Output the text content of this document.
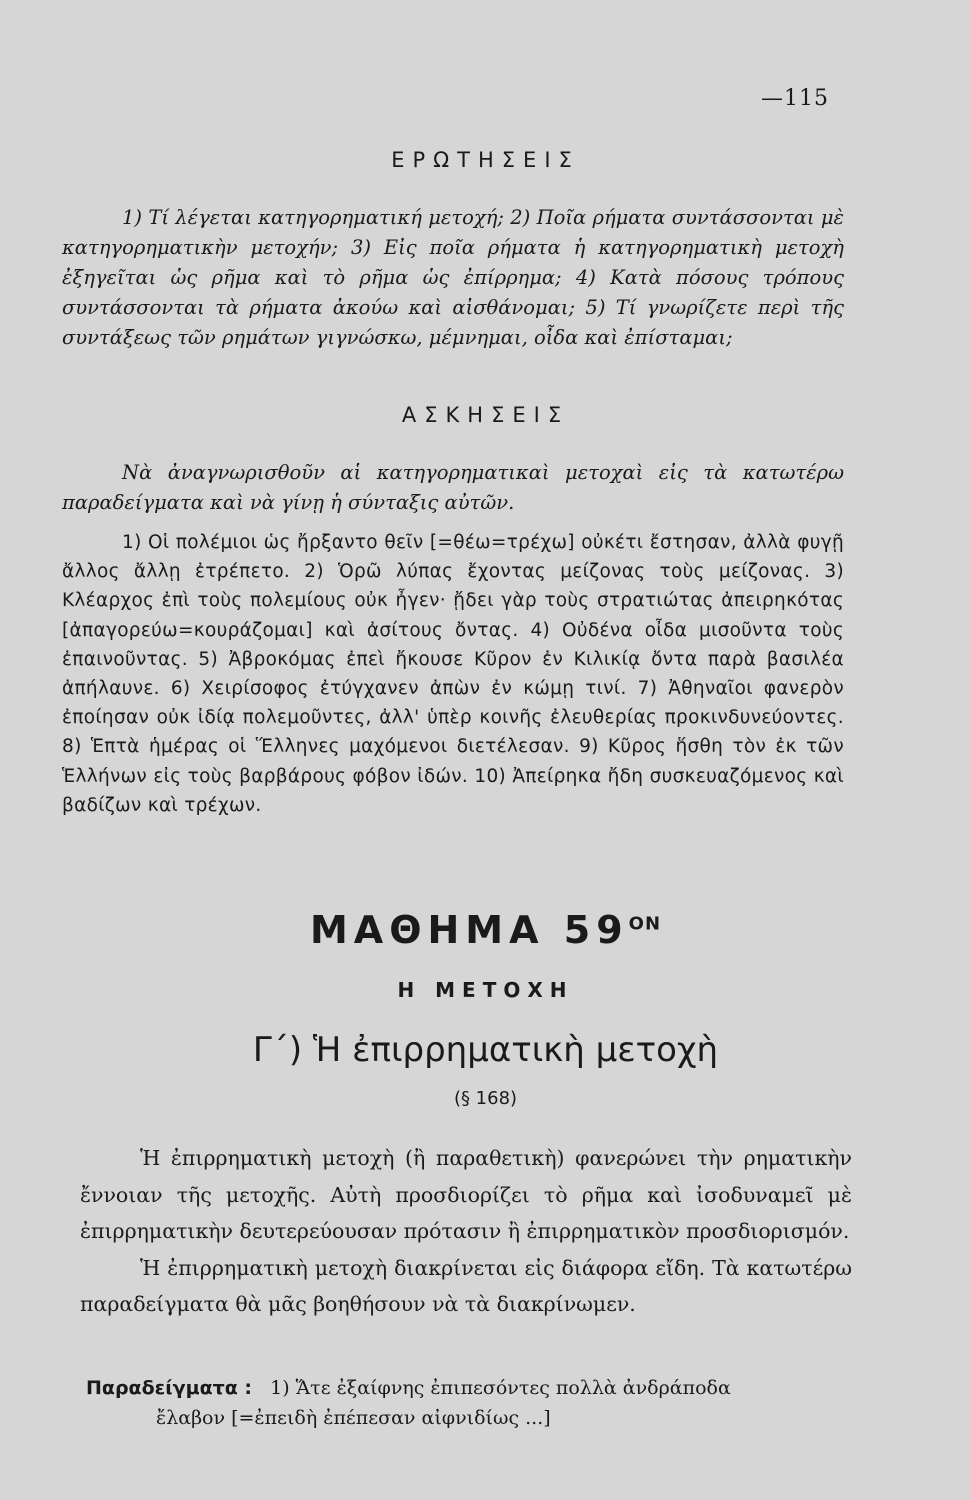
—115
ΕΡΩΤΗΣΕΙΣ
1) Τί λέγεται κατηγορηματική μετοχή; 2) Ποῖα ρήματα συντάσσονται μὲ κατηγορηματικὴν μετοχήν; 3) Εἰς ποῖα ρήματα ἡ κατηγορηματικὴ μετοχὴ ἐξηγεῖται ὡς ρῆμα καὶ τὸ ρῆμα ὡς ἐπίρρημα; 4) Κατὰ πόσους τρόπους συντάσσονται τὰ ρήματα ἀκούω καὶ αἰσθάνομαι; 5) Τί γνωρίζετε περὶ τῆς συντάξεως τῶν ρημάτων γιγνώσκω, μέμνημαι, οἶδα καὶ ἐπίσταμαι;
ΑΣΚΗΣΕΙΣ
Νὰ ἀναγνωρισθοῦν αἱ κατηγορηματικαὶ μετοχαὶ εἰς τὰ κατωτέρω παραδείγματα καὶ νὰ γίνῃ ἡ σύνταξις αὐτῶν.
1) Οἱ πολέμιοι ὡς ἤρξαντο θεῖν [=θέω=τρέχω] οὐκέτι ἔστησαν, ἀλλὰ φυγῇ ἄλλος ἄλλῃ ἐτρέπετο. 2) Ὁρῶ λύπας ἔχοντας μείζονας τοὺς μείζονας. 3) Κλέαρχος ἐπὶ τοὺς πολεμίους οὐκ ἦγεν· ᾔδει γὰρ τοὺς στρατιώτας ἀπειρηκότας [ἀπαγορεύω=κουράζομαι] καὶ ἀσίτους ὄντας. 4) Οὐδένα οἶδα μισοῦντα τοὺς ἐπαινοῦντας. 5) Ἀβροκόμας ἐπεὶ ἤκουσε Κῦρον ἐν Κιλικίᾳ ὄντα παρὰ βασιλέα ἀπήλαυνε. 6) Χειρίσοφος ἐτύγχανεν ἀπὼν ἐν κώμῃ τινί. 7) Ἀθηναῖοι φανερὸν ἐποίησαν οὐκ ἰδίᾳ πολεμοῦντες, ἀλλ' ὑπὲρ κοινῆς ἐλευθερίας προκινδυνεύοντες. 8) Ἑπτὰ ἡμέρας οἱ Ἕλληνες μαχόμενοι διετέλεσαν. 9) Κῦρος ἥσθη τὸν ἐκ τῶν Ἑλλήνων εἰς τοὺς βαρβάρους φόβον ἰδών. 10) Ἀπείρηκα ἤδη συσκευαζόμενος καὶ βαδίζων καὶ τρέχων.
ΜΑΘΗΜΑ $59^{ON}$
Η ΜΕΤΟΧΗ
Γ΄) Ἡ ἐπιρρηματικὴ μετοχὴ
(§ 168)
Ἡ ἐπιρρηματικὴ μετοχὴ (ἢ παραθετικὴ) φανερώνει τὴν ρηματικὴν ἔννοιαν τῆς μετοχῆς. Αὐτὴ προσδιορίζει τὸ ρῆμα καὶ ἰσοδυναμεῖ μὲ ἐπιρρηματικὴν δευτερεύουσαν πρότασιν ἢ ἐπιρρηματικὸν προσδιορισμόν.
Ἡ ἐπιρρηματικὴ μετοχὴ διακρίνεται εἰς διάφορα εἴδη. Τὰ κατωτέρω παραδείγματα θὰ μᾶς βοηθήσουν νὰ τὰ διακρίνωμεν.
Παραδείγματα : 1) Ἅτε ἐξαίφνης ἐπιπεσόντες πολλὰ ἀνδράποδα
ἔλαβον [=ἐπειδὴ ἐπέπεσαν αἰφνιδίως ...]
